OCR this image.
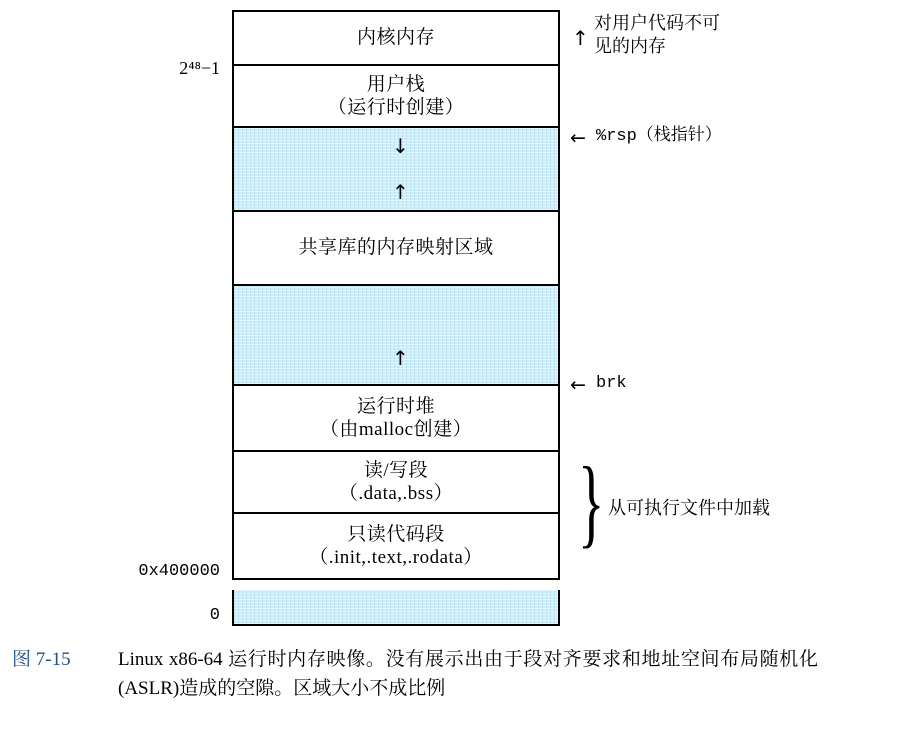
内核内存
用户栈
（运行时创建）
↓
↑
共享库的内存映射区域
↑
运行时堆
（由malloc创建）
读/写段
（.data,.bss）
只读代码段
（.init,.text,.rodata）
2⁴⁸−1
0x400000
0
↑
对用户代码不可
见的内存
← %rsp（栈指针）
← brk
} 从可执行文件中加载
图 7-15 Linux x86-64 运行时内存映像。没有展示出由于段对齐要求和地址空间布局随机化(ASLR)造成的空隙。区域大小不成比例
